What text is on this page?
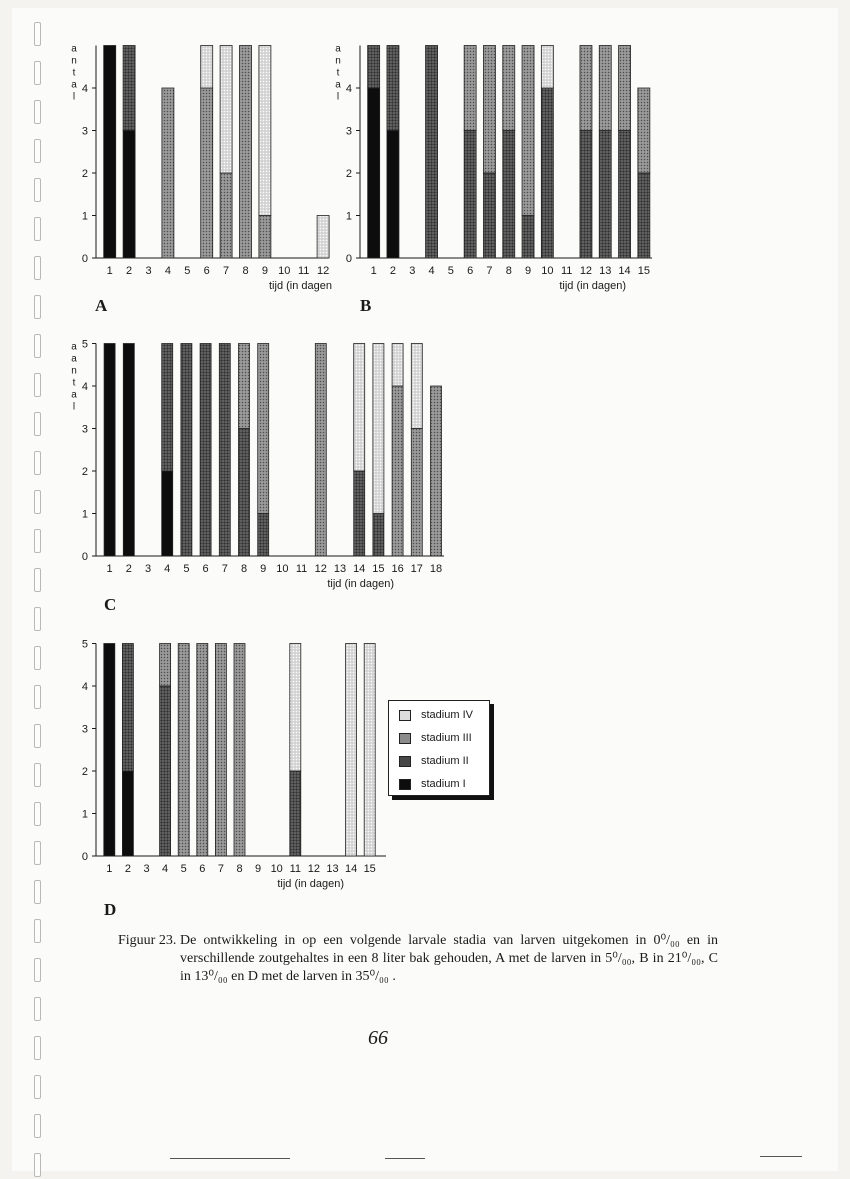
0
1
2
3
4
a
n
t
a
l
1 2 3 4 5 6 7 8 9 10 11 12
tijd (in dagen
A
0
1
2
3
4
a
n
t
a
l
1 2 3 4 5 6 7 8 9 10 11 12 13 14 15
tijd (in dagen)
B
0
1
2
3
4
5
a
a
n
t
a
l
1 2 3 4 5 6 7 8 9 10 11 12 13 14 15 16 17 18
tijd (in dagen)
C
0
1
2
3
4
5
1 2 3 4 5 6 7 8 9 10 11 12 13 14 15
tijd (in dagen)
D
stadium IV
stadium III
stadium II
stadium I
Figuur 23. De ontwikkeling in op een volgende larvale stadia van larven uitgekomen in 0⁰/₀₀ en in verschillende zoutgehaltes in een 8 liter bak gehouden, A met de larven in 5⁰/₀₀, B in 21⁰/₀₀, C in 13⁰/₀₀ en D met de larven in 35⁰/₀₀ .
66
